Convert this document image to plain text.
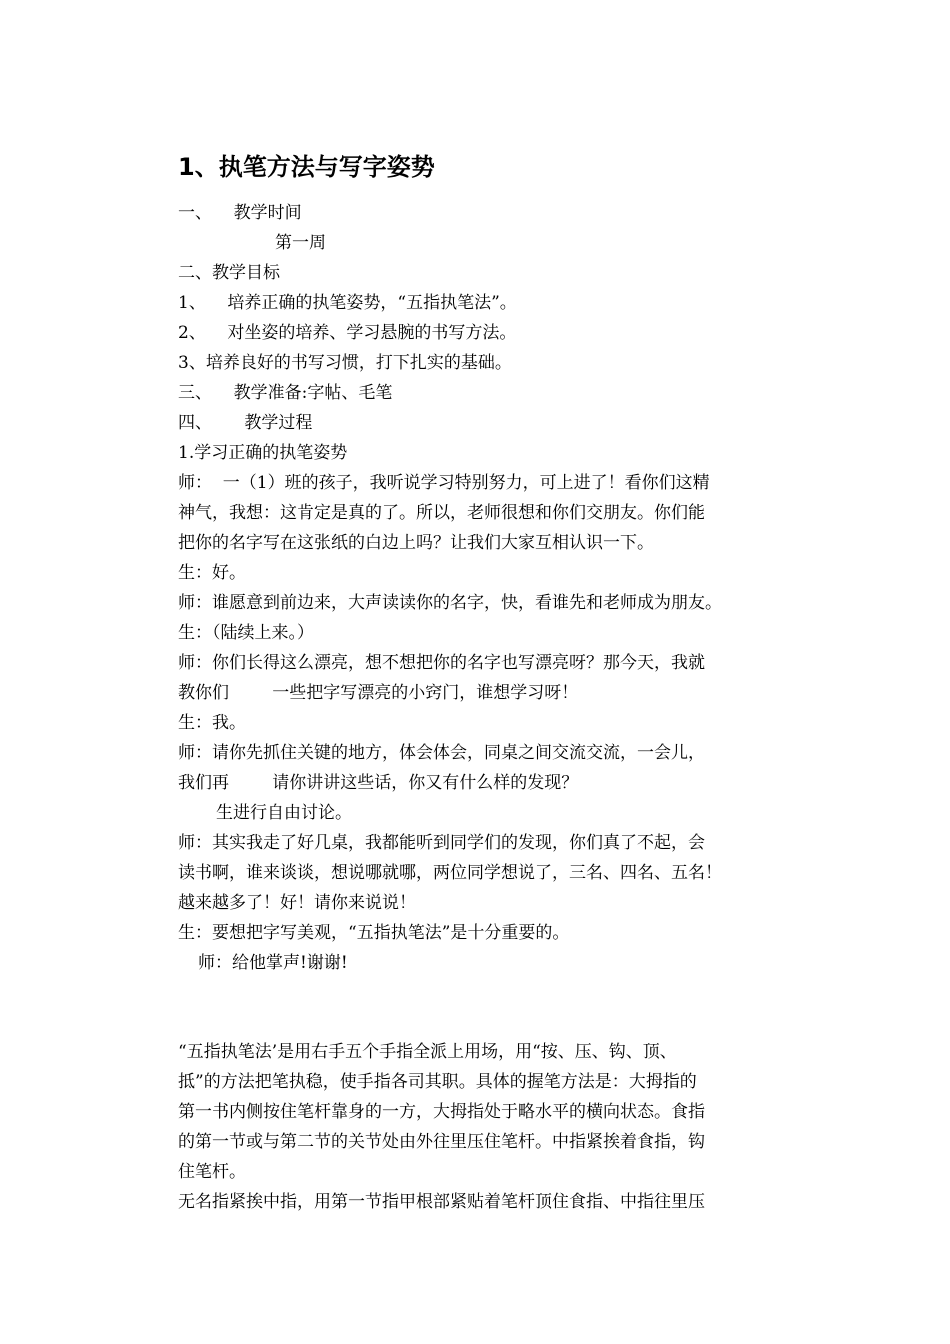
1、执笔方法与写字姿势
一、    教学时间
第一周
二、教学目标
1、    培养正确的执笔姿势，“五指执笔法”。
2、    对坐姿的培养、学习悬腕的书写方法。
3、培养良好的书写习惯，打下扎实的基础。
三、    教学准备:字帖、毛笔
四、      教学过程
1.学习正确的执笔姿势
师：  一（1）班的孩子，我听说学习特别努力，可上进了！看你们这精
神气，我想：这肯定是真的了。所以，老师很想和你们交朋友。你们能
把你的名字写在这张纸的白边上吗？让我们大家互相认识一下。
生：好。
师：谁愿意到前边来，大声读读你的名字，快，看谁先和老师成为朋友。
生：（陆续上来。）
师：你们长得这么漂亮，想不想把你的名字也写漂亮呀？那今天，我就
教你们        一些把字写漂亮的小窍门，谁想学习呀！
生：我。
师：请你先抓住关键的地方，体会体会，同桌之间交流交流，一会儿，
我们再        请你讲讲这些话，你又有什么样的发现？
生进行自由讨论。
师：其实我走了好几桌，我都能听到同学们的发现，你们真了不起，会
读书啊，谁来谈谈，想说哪就哪，两位同学想说了，三名、四名、五名！
越来越多了！好！请你来说说！
生：要想把字写美观，“五指执笔法”是十分重要的。
师：给他掌声!谢谢!
“五指执笔法’是用右手五个手指全派上用场，用“按、压、钩、顶、
抵”的方法把笔执稳，使手指各司其职。具体的握笔方法是：大拇指的
第一书内侧按住笔杆靠身的一方，大拇指处于略水平的横向状态。食指
的第一节或与第二节的关节处由外往里压住笔杆。中指紧挨着食指，钩
住笔杆。
无名指紧挨中指，用第一节指甲根部紧贴着笔杆顶住食指、中指往里压
